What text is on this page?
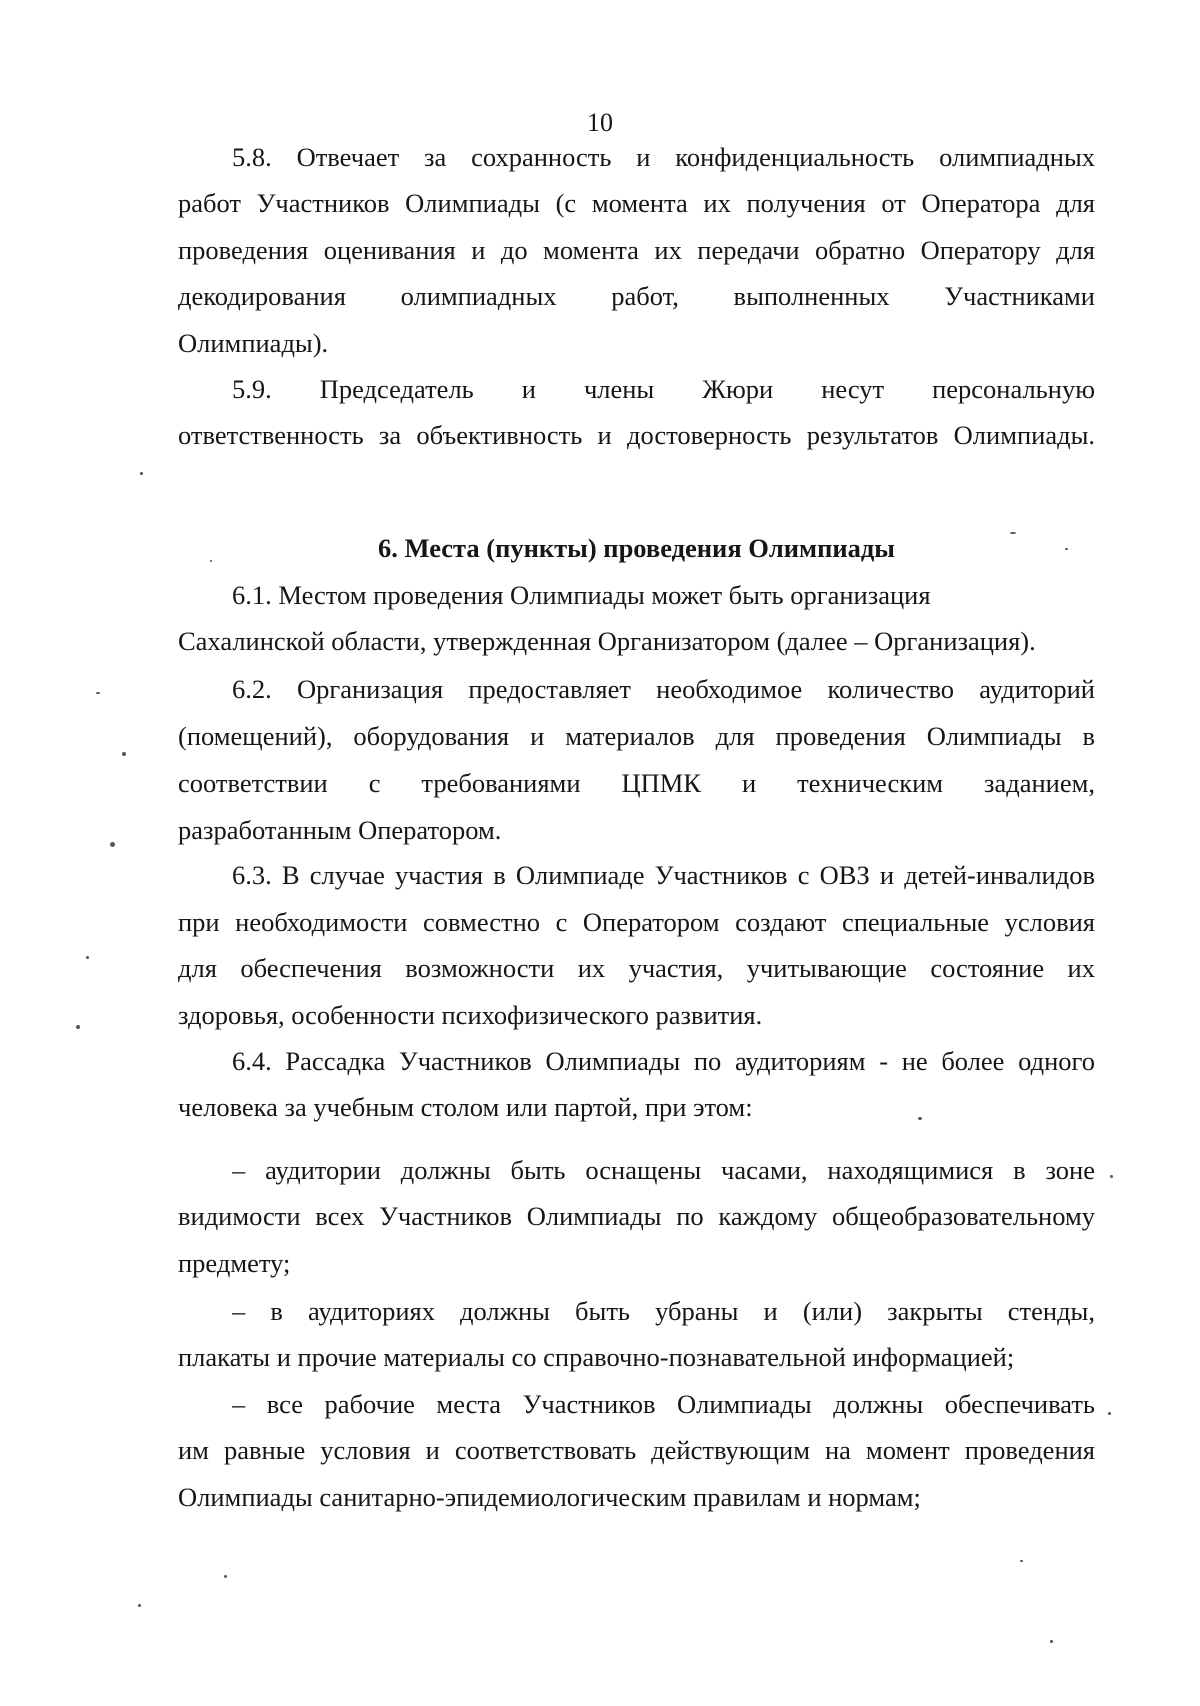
10
5.8. Отвечает за сохранность и конфиденциальность олимпиадных
работ Участников Олимпиады (с момента их получения от Оператора для
проведения оценивания и до момента их передачи обратно Оператору для
декодирования олимпиадных работ, выполненных Участниками
Олимпиады).
5.9. Председатель и члены Жюри несут персональную
ответственность за объективность и достоверность результатов Олимпиады.
6. Места (пункты) проведения Олимпиады
6.1. Местом проведения Олимпиады может быть организация
Сахалинской области, утвержденная Организатором (далее – Организация).
6.2. Организация предоставляет необходимое количество аудиторий
(помещений), оборудования и материалов для проведения Олимпиады в
соответствии с требованиями ЦПМК и техническим заданием,
разработанным Оператором.
6.3. В случае участия в Олимпиаде Участников с ОВЗ и детей-инвалидов
при необходимости совместно с Оператором создают специальные условия
для обеспечения возможности их участия, учитывающие состояние их
здоровья, особенности психофизического развития.
6.4. Рассадка Участников Олимпиады по аудиториям - не более одного
человека за учебным столом или партой, при этом:
– аудитории должны быть оснащены часами, находящимися в зоне
видимости всех Участников Олимпиады по каждому общеобразовательному
предмету;
– в аудиториях должны быть убраны и (или) закрыты стенды,
плакаты и прочие материалы со справочно-познавательной информацией;
– все рабочие места Участников Олимпиады должны обеспечивать
им равные условия и соответствовать действующим на момент проведения
Олимпиады санитарно-эпидемиологическим правилам и нормам;
